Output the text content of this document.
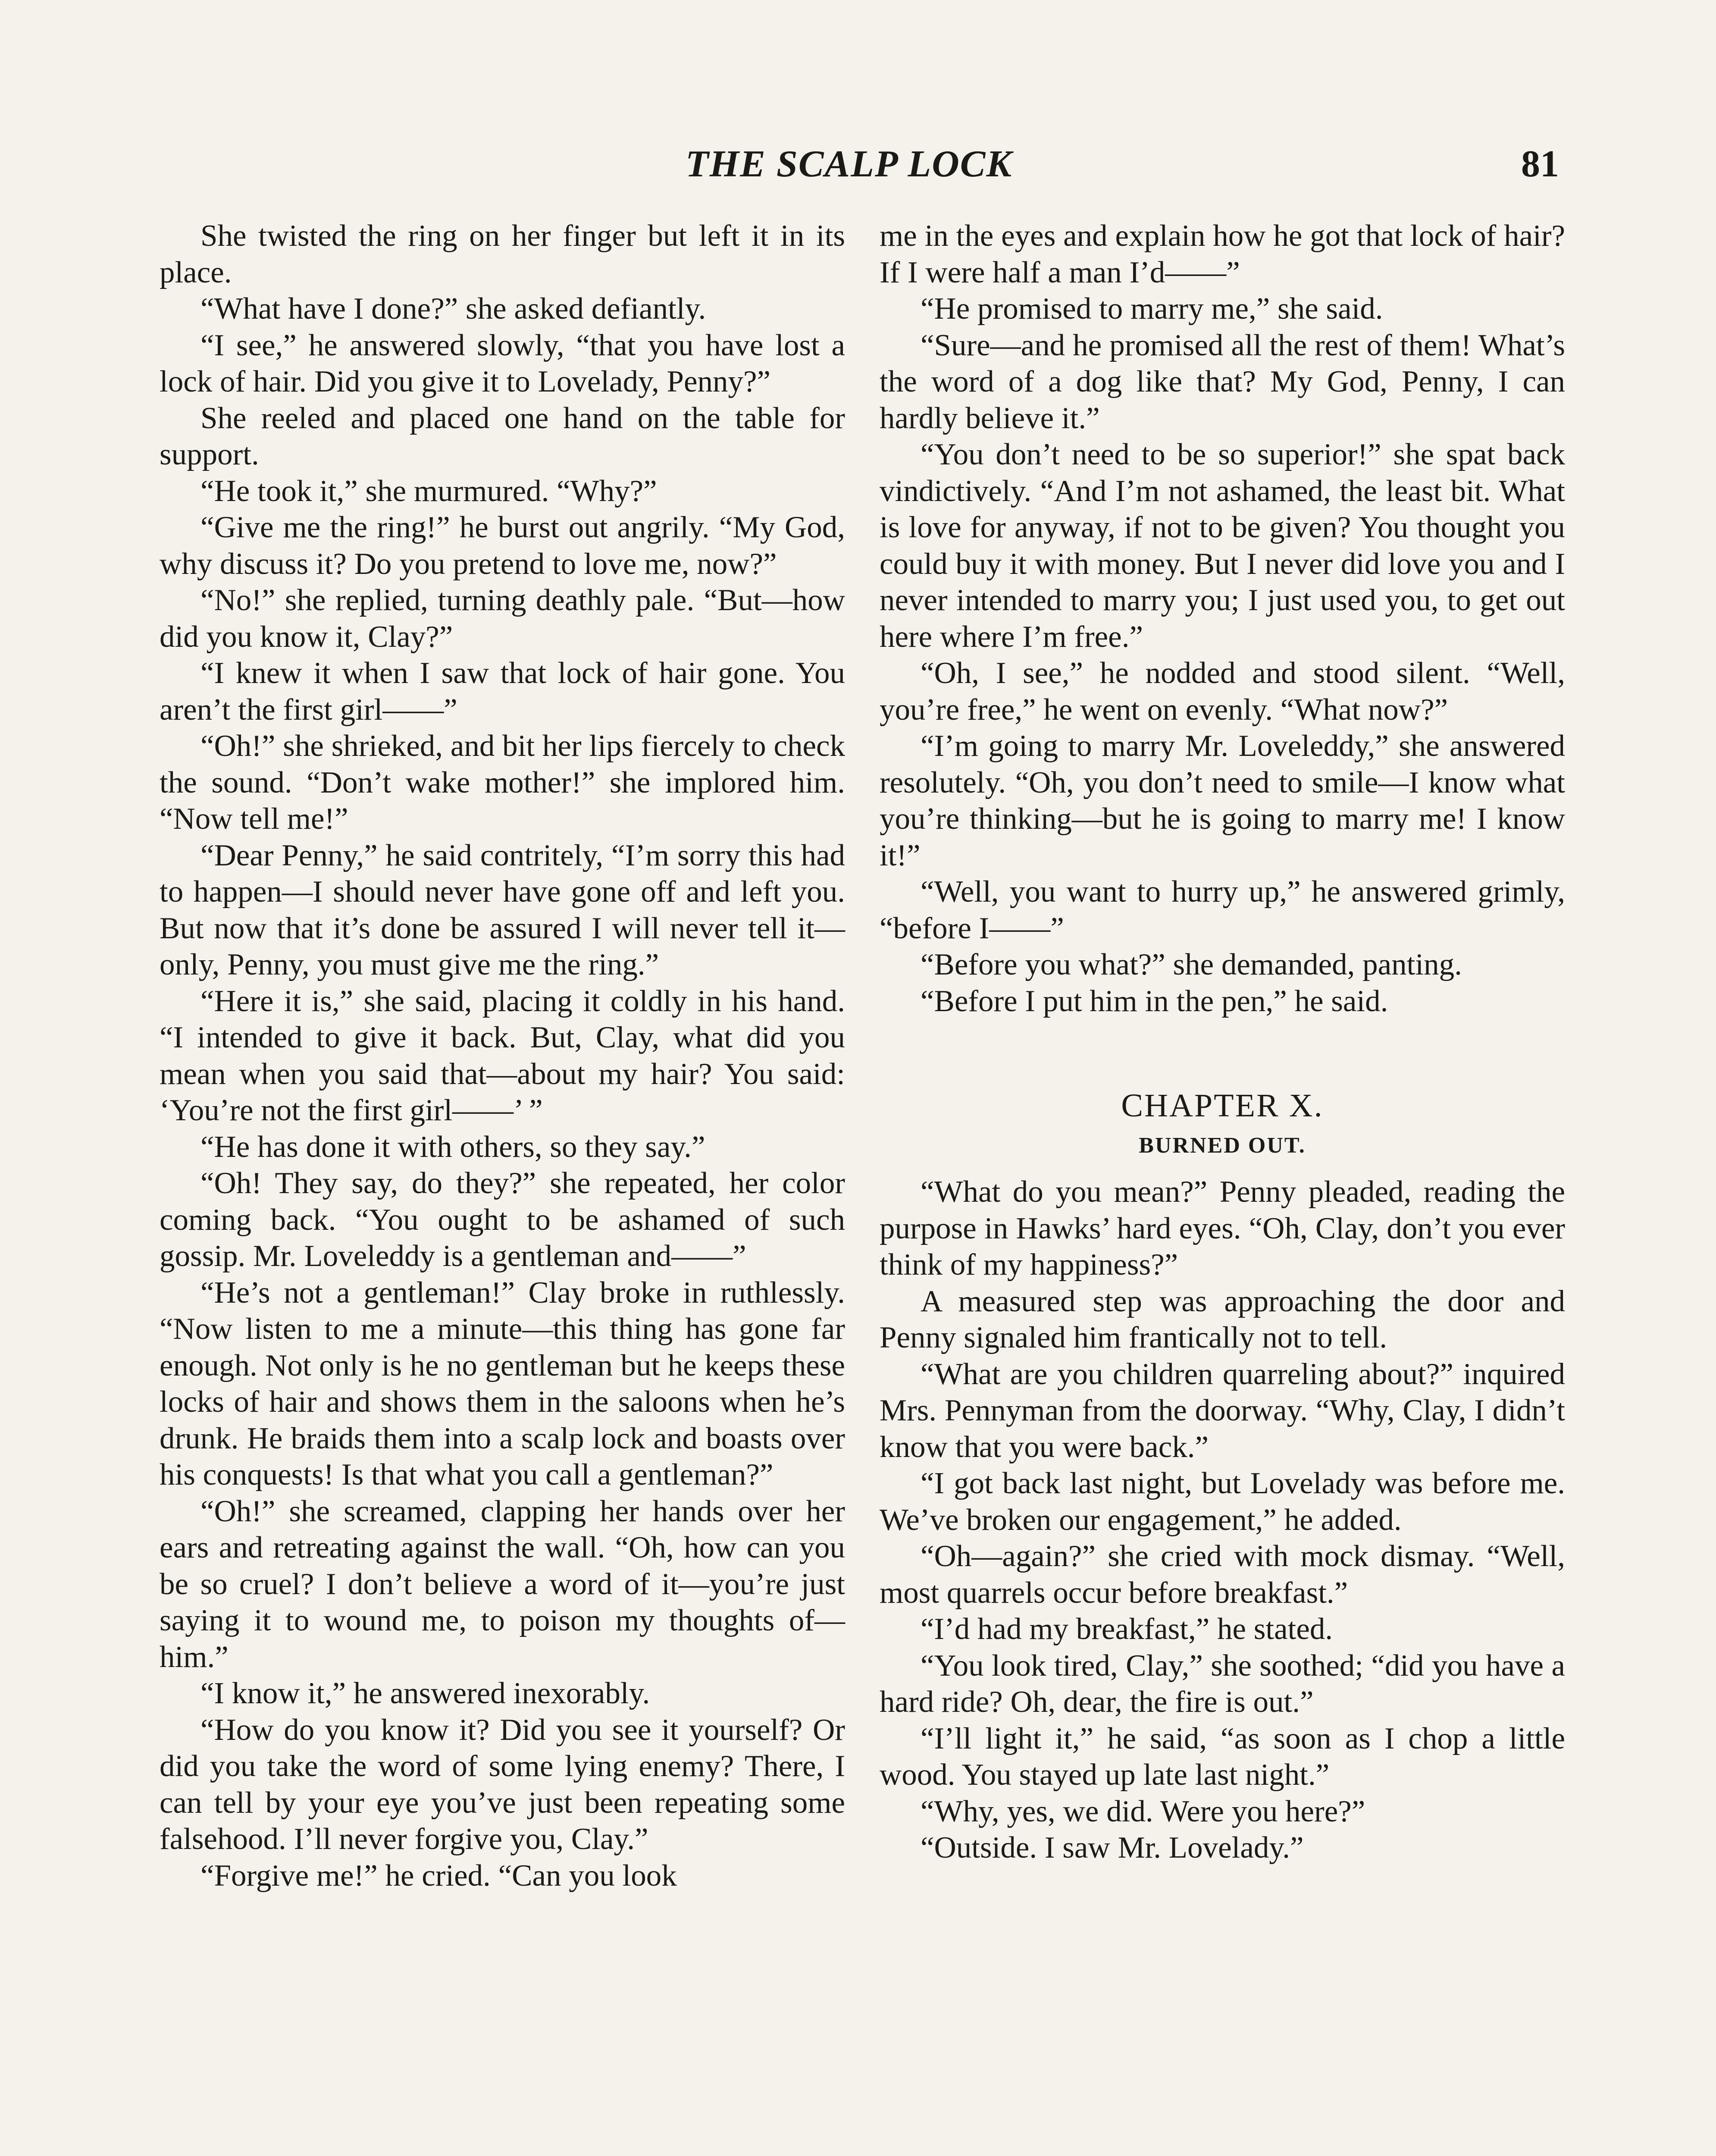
THE SCALP LOCK	81

She twisted the ring on her finger but left it in its place.

“What have I done?” she asked defiantly.

“I see,” he answered slowly, “that you have lost a lock of hair. Did you give it to Lovelady, Penny?”

She reeled and placed one hand on the table for support.

“He took it,” she murmured. “Why?”

“Give me the ring!” he burst out angrily. “My God, why discuss it? Do you pretend to love me, now?”

“No!” she replied, turning deathly pale. “But—how did you know it, Clay?”

“I knew it when I saw that lock of hair gone. You aren’t the first girl——”

“Oh!” she shrieked, and bit her lips fiercely to check the sound. “Don’t wake mother!” she implored him. “Now tell me!”

“Dear Penny,” he said contritely, “I’m sorry this had to happen—I should never have gone off and left you. But now that it’s done be assured I will never tell it—only, Penny, you must give me the ring.”

“Here it is,” she said, placing it coldly in his hand. “I intended to give it back. But, Clay, what did you mean when you said that—about my hair? You said: ‘You’re not the first girl——’ ”

“He has done it with others, so they say.”

“Oh! They say, do they?” she repeated, her color coming back. “You ought to be ashamed of such gossip. Mr. Loveleddy is a gentleman and——”

“He’s not a gentleman!” Clay broke in ruthlessly. “Now listen to me a minute—this thing has gone far enough. Not only is he no gentleman but he keeps these locks of hair and shows them in the saloons when he’s drunk. He braids them into a scalp lock and boasts over his conquests! Is that what you call a gentleman?”

“Oh!” she screamed, clapping her hands over her ears and retreating against the wall. “Oh, how can you be so cruel? I don’t believe a word of it—you’re just saying it to wound me, to poison my thoughts of—him.”

“I know it,” he answered inexorably.

“How do you know it? Did you see it yourself? Or did you take the word of some lying enemy? There, I can tell by your eye you’ve just been repeating some falsehood. I’ll never forgive you, Clay.”

“Forgive me!” he cried. “Can you look

me in the eyes and explain how he got that lock of hair? If I were half a man I’d——”

“He promised to marry me,” she said.

“Sure—and he promised all the rest of them! What’s the word of a dog like that? My God, Penny, I can hardly believe it.”

“You don’t need to be so superior!” she spat back vindictively. “And I’m not ashamed, the least bit. What is love for anyway, if not to be given? You thought you could buy it with money. But I never did love you and I never intended to marry you; I just used you, to get out here where I’m free.”

“Oh, I see,” he nodded and stood silent. “Well, you’re free,” he went on evenly. “What now?”

“I’m going to marry Mr. Loveleddy,” she answered resolutely. “Oh, you don’t need to smile—I know what you’re thinking—but he is going to marry me! I know it!”

“Well, you want to hurry up,” he answered grimly, “before I——”

“Before you what?” she demanded, panting.

“Before I put him in the pen,” he said.

CHAPTER X.
BURNED OUT.

“What do you mean?” Penny pleaded, reading the purpose in Hawks’ hard eyes. “Oh, Clay, don’t you ever think of my happiness?”

A measured step was approaching the door and Penny signaled him frantically not to tell.

“What are you children quarreling about?” inquired Mrs. Pennyman from the doorway. “Why, Clay, I didn’t know that you were back.”

“I got back last night, but Lovelady was before me. We’ve broken our engagement,” he added.

“Oh—again?” she cried with mock dismay. “Well, most quarrels occur before breakfast.”

“I’d had my breakfast,” he stated.

“You look tired, Clay,” she soothed; “did you have a hard ride? Oh, dear, the fire is out.”

“I’ll light it,” he said, “as soon as I chop a little wood. You stayed up late last night.”

“Why, yes, we did. Were you here?”

“Outside. I saw Mr. Lovelady.”
